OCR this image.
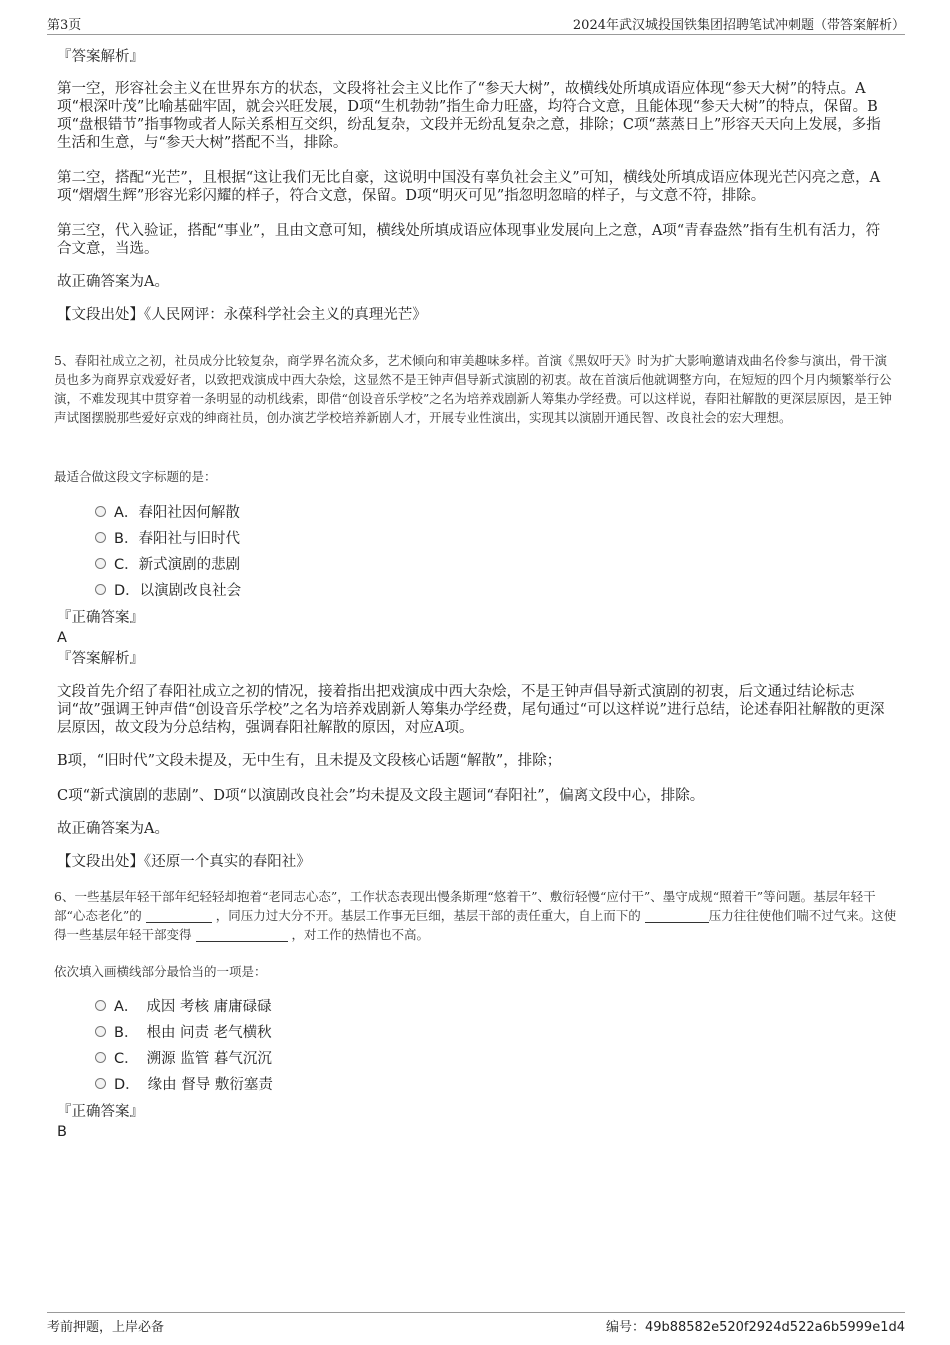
第3页	2024年武汉城投国铁集团招聘笔试冲刺题（带答案解析）
『答案解析』

第一空，形容社会主义在世界东方的状态，文段将社会主义比作了“参天大树”，故横线处所填成语应体现“参天大树”的特点。A项“根深叶茂”比喻基础牢固，就会兴旺发展，D项“生机勃勃”指生命力旺盛，均符合文意，且能体现“参天大树”的特点，保留。B项“盘根错节”指事物或者人际关系相互交织，纷乱复杂，文段并无纷乱复杂之意，排除；C项“蒸蒸日上”形容天天向上发展，多指生活和生意，与“参天大树”搭配不当，排除。

第二空，搭配“光芒”，且根据“这让我们无比自豪，这说明中国没有辜负社会主义”可知，横线处所填成语应体现光芒闪亮之意，A项“熠熠生辉”形容光彩闪耀的样子，符合文意，保留。D项“明灭可见”指忽明忽暗的样子，与文意不符，排除。

第三空，代入验证，搭配“事业”，且由文意可知，横线处所填成语应体现事业发展向上之意，A项“青春盎然”指有生机有活力，符合文意，当选。

故正确答案为A。
【文段出处】《人民网评：永葆科学社会主义的真理光芒》

5、春阳社成立之初，社员成分比较复杂，商学界名流众多，艺术倾向和审美趣味多样。首演《黑奴吁天》时为扩大影响邀请戏曲名伶参与演出，骨干演员也多为商界京戏爱好者，以致把戏演成中西大杂烩，这显然不是王钟声倡导新式演剧的初衷。故在首演后他就调整方向，在短短的四个月内频繁举行公演，不难发现其中贯穿着一条明显的动机线索，即借“创设音乐学校”之名为培养戏剧新人筹集办学经费。可以这样说，春阳社解散的更深层原因，是王钟声试图摆脱那些爱好京戏的绅商社员，创办演艺学校培养新剧人才，开展专业性演出，实现其以演剧开通民智、改良社会的宏大理想。

最适合做这段文字标题的是：
A．春阳社因何解散
B．春阳社与旧时代
C．新式演剧的悲剧
D．以演剧改良社会
『正确答案』
A
『答案解析』

文段首先介绍了春阳社成立之初的情况，接着指出把戏演成中西大杂烩，不是王钟声倡导新式演剧的初衷，后文通过结论标志词“故”强调王钟声借“创设音乐学校”之名为培养戏剧新人筹集办学经费，尾句通过“可以这样说”进行总结，论述春阳社解散的更深层原因，故文段为分总结构，强调春阳社解散的原因，对应A项。

B项，“旧时代”文段未提及，无中生有，且未提及文段核心话题“解散”，排除；

C项“新式演剧的悲剧”、D项“以演剧改良社会”均未提及文段主题词“春阳社”，偏离文段中心，排除。

故正确答案为A。
【文段出处】《还原一个真实的春阳社》

6、一些基层年轻干部年纪轻轻却抱着“老同志心态”，工作状态表现出慢条斯理“悠着干”、敷衍轻慢“应付干”、墨守成规“照着干”等问题。基层年轻干部“心态老化”的	，同压力过大分不开。基层工作事无巨细，基层干部的责任重大，自上而下的	压力往往使他们喘不过气来。这使得一些基层年轻干部变得	，对工作的热情也不高。

依次填入画横线部分最恰当的一项是：
A． 成因 考核 庸庸碌碌
B． 根由 问责 老气横秋
C． 溯源 监管 暮气沉沉
D． 缘由 督导 敷衍塞责
『正确答案』
B
考前押题，上岸必备	编号：49b88582e520f2924d522a6b5999e1d4
